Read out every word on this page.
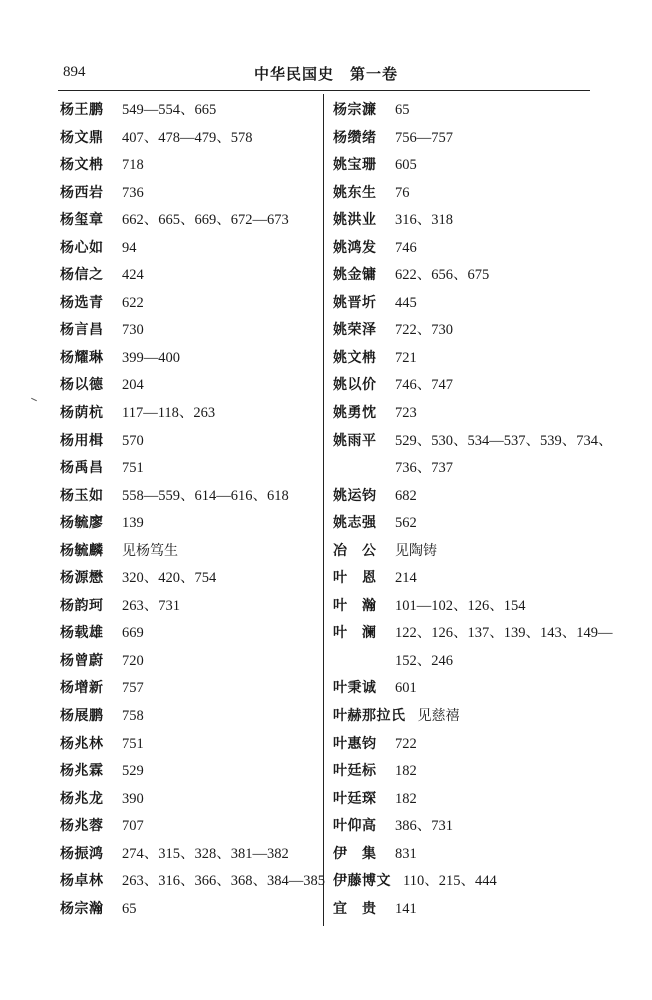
894	中华民国史　第一卷
杨王鹏	549—554、665
杨文鼎	407、478—479、578
杨文柟	718
杨西岩	736
杨玺章	662、665、669、672—673
杨心如	94
杨信之	424
杨选青	622
杨言昌	730
杨耀琳	399—400
杨以德	204
杨荫杭	117—118、263
杨用楫	570
杨禹昌	751
杨玉如	558—559、614—616、618
杨毓廖	139
杨毓麟	见杨笃生
杨源懋	320、420、754
杨韵珂	263、731
杨载雄	669
杨曾蔚	720
杨增新	757
杨展鹏	758
杨兆林	751
杨兆霖	529
杨兆龙	390
杨兆蓉	707
杨振鸿	274、315、328、381—382
杨卓林	263、316、366、368、384—385
杨宗瀚	65
杨宗濂	65
杨缵绪	756—757
姚宝珊	605
姚东生	76
姚洪业	316、318
姚鸿发	746
姚金镛	622、656、675
姚晋圻	445
姚荣泽	722、730
姚文柟	721
姚以价	746、747
姚勇忱	723
姚雨平	529、530、534—537、539、734、
736、737
姚运钧	682
姚志强	562
冶　公	见陶铸
叶　恩	214
叶　瀚	101—102、126、154
叶　澜	122、126、137、139、143、149—
152、246
叶秉诚	601
叶赫那拉氏 见慈禧
叶惠钧	722
叶廷标	182
叶廷琛	182
叶仰高	386、731
伊　集	831
伊藤博文 110、215、444
宜　贵	141
